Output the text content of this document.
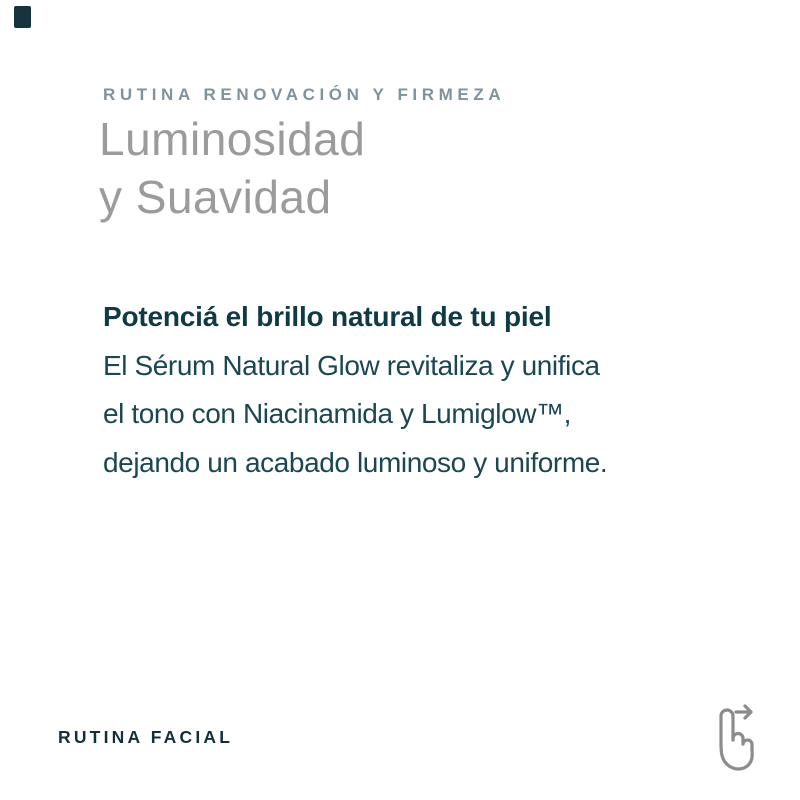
RUTINA RENOVACIÓN Y FIRMEZA
Luminosidad
y Suavidad
Potenciá el brillo natural de tu piel
El Sérum Natural Glow revitaliza y unifica
el tono con Niacinamida y Lumiglow™,
dejando un acabado luminoso y uniforme.
RUTINA FACIAL
